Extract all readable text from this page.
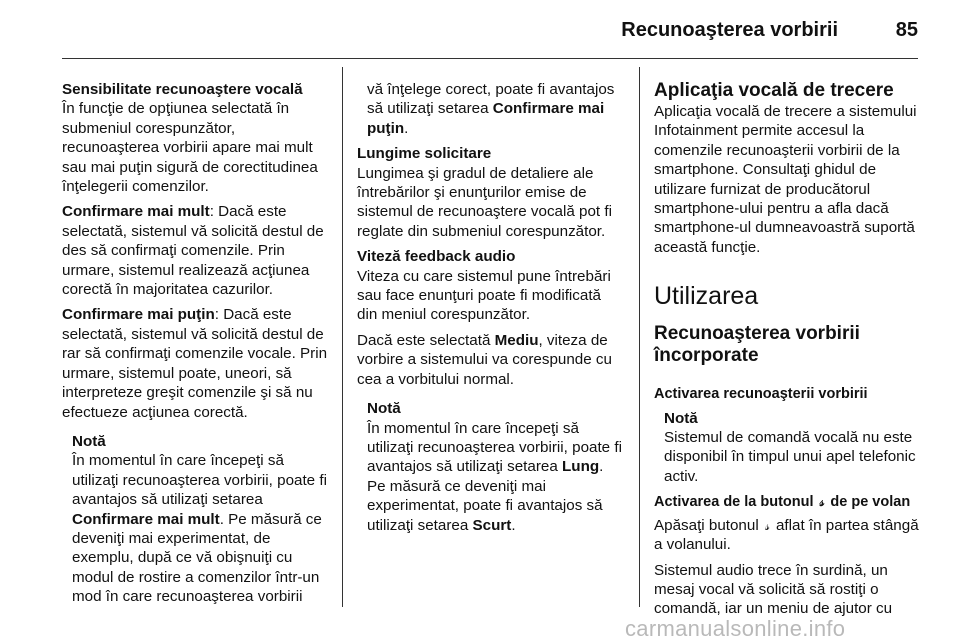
Recunoaşterea vorbirii	85

Sensibilitate recunoaştere vocală

În funcţie de opţiunea selectată în submeniul corespunzător, recunoaşterea vorbirii apare mai mult sau mai puţin sigură de corectitudinea înţelegerii comenzilor.

Confirmare mai mult: Dacă este selectată, sistemul vă solicită destul de des să confirmaţi comenzile. Prin urmare, sistemul realizează acţiunea corectă în majoritatea cazurilor.

Confirmare mai puţin: Dacă este selectată, sistemul vă solicită destul de rar să confirmaţi comenzile vocale. Prin urmare, sistemul poate, uneori, să interpreteze greşit comenzile şi să nu efectueze acţiunea corectă.

Notă
În momentul în care începeţi să utilizaţi recunoaşterea vorbirii, poate fi avantajos să utilizaţi setarea Confirmare mai mult. Pe măsură ce deveniţi mai experimentat, de exemplu, după ce vă obişnuiţi cu modul de rostire a comenzilor într-un mod în care recunoaşterea vorbirii
vă înţelege corect, poate fi avantajos să utilizaţi setarea Confirmare mai puţin.

Lungime solicitare

Lungimea şi gradul de detaliere ale întrebărilor şi enunţurilor emise de sistemul de recunoaştere vocală pot fi reglate din submeniul corespunzător.

Viteză feedback audio

Viteza cu care sistemul pune întrebări sau face enunţuri poate fi modificată din meniul corespunzător.

Dacă este selectată Mediu, viteza de vorbire a sistemului va corespunde cu cea a vorbitului normal.

Notă
În momentul în care începeţi să utilizaţi recunoaşterea vorbirii, poate fi avantajos să utilizaţi setarea Lung. Pe măsură ce deveniţi mai experimentat, poate fi avantajos să utilizaţi setarea Scurt.

Aplicaţia vocală de trecere

Aplicaţia vocală de trecere a sistemului Infotainment permite accesul la comenzile recunoaşterii vorbirii de la smartphone. Consultaţi ghidul de utilizare furnizat de producătorul smartphone-ului pentru a afla dacă smartphone-ul dumneavoastră suportă această funcţie.

Utilizarea

Recunoaşterea vorbirii încorporate

Activarea recunoaşterii vorbirii

Notă
Sistemul de comandă vocală nu este disponibil în timpul unui apel telefonic activ.

Activarea de la butonul 𝓈 de pe volan

Apăsaţi butonul 𝓈 aflat în partea stângă a volanului.

Sistemul audio trece în surdină, un mesaj vocal vă solicită să rostiţi o comandă, iar un meniu de ajutor cu

carmanualsonline.info
